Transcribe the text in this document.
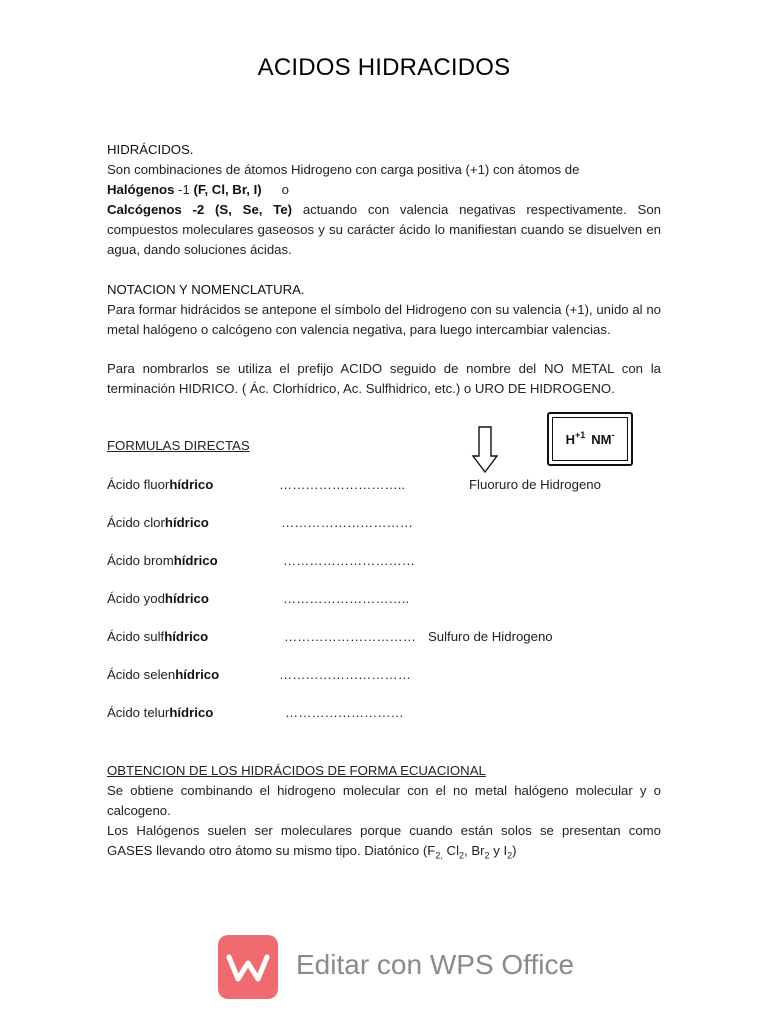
ACIDOS HIDRACIDOS
HIDRÁCIDOS.
Son combinaciones de átomos Hidrogeno con carga positiva (+1) con átomos de
Halógenos -1 (F, Cl, Br, I) o
Calcógenos -2 (S, Se, Te) actuando con valencia negativas respectivamente. Son compuestos moleculares gaseosos y su carácter ácido lo manifiestan cuando se disuelven en agua, dando soluciones ácidas.
NOTACION Y NOMENCLATURA.
Para formar hidrácidos se antepone el símbolo del Hidrogeno con su valencia (+1), unido al no metal halógeno o calcógeno con valencia negativa, para luego intercambiar valencias.
Para nombrarlos se utiliza el prefijo ACIDO seguido de nombre del NO METAL con la terminación HIDRICO. ( Ác. Clorhídrico, Ac. Sulfhidrico, etc.) o URO DE HIDROGENO.
FORMULAS DIRECTAS	$H^{+1}$ NM-
Ácido fluorhídrico	………………………..	Fluoruro de Hidrogeno
Ácido clorhídrico	…………………………
Ácido bromhídrico	…………………………
Ácido yodhídrico	………………………..
Ácido sulfhídrico	………………………… Sulfuro de Hidrogeno
Ácido selenhídrico	…………………………
Ácido telurhídrico	………………………
OBTENCION DE LOS HIDRÁCIDOS DE FORMA ECUACIONAL
Se obtiene combinando el hidrogeno molecular con el no metal halógeno molecular y o calcogeno.
Los Halógenos suelen ser moleculares porque cuando están solos se presentan como GASES llevando otro átomo su mismo tipo. Diatónico ($F_{2,}$ $Cl_2$, $Br_2$ y $I_2$)
Editar con WPS Office
